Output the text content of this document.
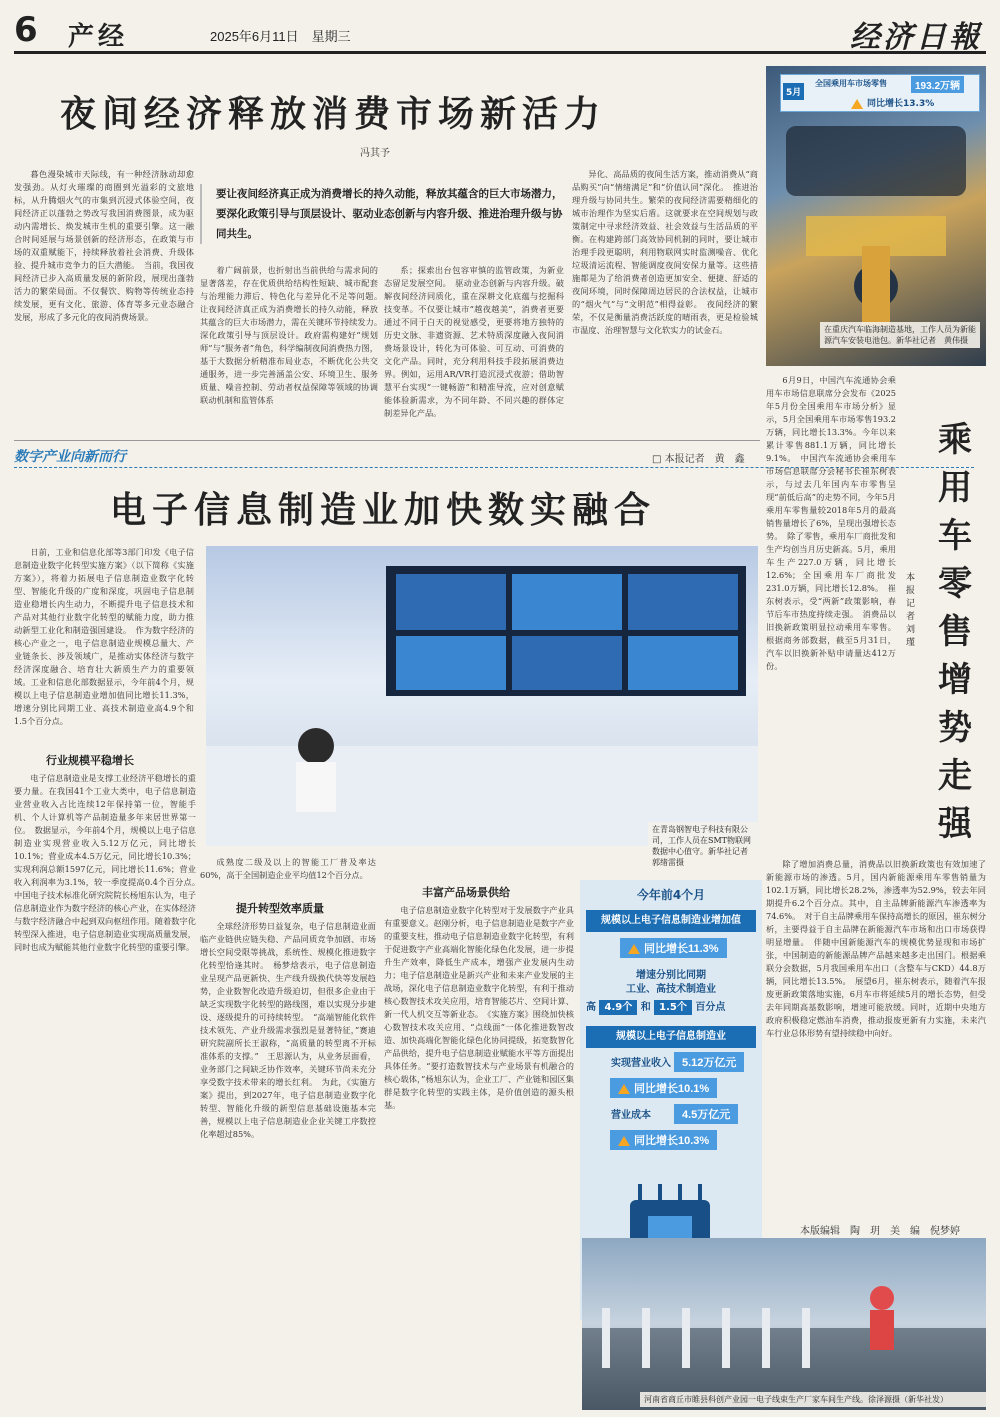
6 产经	2025年6月11日　星期三	经济日報
夜间经济释放消费市场新活力
冯其予

暮色漫染城市天际线，有一种经济脉动却愈发强劲。从灯火璀璨的商圈到光溢彩的文旅地标，从升腾烟火气的市集到沉浸式体验空间，夜间经济正以蓬勃之势改写我国消费图景，成为驱动内需增长、焕发城市生机的重要引擎。这一融合时间延展与场景创新的经济形态，在政策与市场的双重赋能下，持续释放着社会消费、升级体验、提升城市竞争力的巨大潜能。　当前，我国夜间经济已步入高质量发展的新阶段，展现出蓬勃活力的繁荣局面。不仅餐饮、购物等传统业态持续发展，更有文化、旅游、体育等多元业态融合发展，形成了多元化的夜间消费场景。

要让夜间经济真正成为消费增长的持久动能，释放其蕴含的巨大市场潜力，要深化政策引导与顶层设计、驱动业态创新与内容升级、推进治理升级与协同共生。

着广阔前景，也折射出当前供给与需求间的显著落差，存在优质供给结构性短缺、城市配套与治理能力滞后、特色化与差异化不足等问题。　让夜间经济真正成为消费增长的持久动能，释放其蕴含的巨大市场潜力，需在关键环节持续发力。　深化政策引导与顶层设计。政府需构建好“规划师”与“服务者”角色，科学编制夜间消费热力图，基于大数据分析精准布局业态，不断优化公共交通服务，进一步完善涵盖公安、环境卫生、服务质量、噪音控制、劳动者权益保障等领域的协调联动机制和监管体系

系；探索出台包容审慎的监管政策，为新业态留足发展空间。　驱动业态创新与内容升级。破解夜间经济同质化，重在深耕文化底蕴与挖掘科技变革。不仅要让城市“越夜越美”，消费者更要通过不同于白天的视觉感受，更要将地方独特的历史文脉、非遗资源、艺术特质深度融入夜间消费场景设计，转化为可体验、可互动、可消费的文化产品。同时，充分利用科技手段拓展消费边界。例如，运用AR/VR打造沉浸式夜游；借助智慧平台实现“一键畅游”和精准导流，应对创意赋能体验新需求，为不同年龄、不同兴趣的群体定制差异化产品。

异化、高品质的夜间生活方案，推动消费从“商品购买”向“情绪满足”和“价值认同”深化。　推进治理升级与协同共生。繁荣的夜间经济需要精细化的城市治理作为坚实后盾。这就要求在空间规划与政策制定中寻求经济效益、社会效益与生活品质的平衡。在构建跨部门高效协同机制的同时，要让城市治理手段更聪明，利用物联网实时监测噪音、优化垃圾清运流程、智能调度夜间安保力量等。这些措施都是为了给消费者创造更加安全、便捷、舒适的夜间环境，同时保障周边居民的合法权益，让城市的“烟火气”与“文明范”相得益彰。　夜间经济的繁荣，不仅是衡量消费活跃度的晴雨表，更是检验城市温度、治理智慧与文化软实力的试金石。

5月
全国乘用车市场零售	193.2万辆
同比增长13.3%
在重庆汽车临海制造基地，工作人员为新能源汽车安装电池包。新华社记者　黄伟摄
数字产业向新而行	□ 本报记者　黄　鑫
电子信息制造业加快数实融合

日前，工业和信息化部等3部门印发《电子信息制造业数字化转型实施方案》（以下简称《实施方案》），将着力拓展电子信息制造业数字化转型、智能化升级的广度和深度，巩固电子信息制造业稳增长内生动力，不断提升电子信息技术和产品对其他行业数字化转型的赋能力度，助力推动新型工业化和制造强国建设。　作为数字经济的核心产业之一，电子信息制造业规模总量大、产业链条长、涉及领域广，是推动实体经济与数字经济深度融合、培育壮大新质生产力的重要领域。工业和信息化部数据显示，今年前4个月，规模以上电子信息制造业增加值同比增长11.3%，增速分别比同期工业、高技术制造业高4.9个和1.5个百分点。

行业规模平稳增长

电子信息制造业是支撑工业经济平稳增长的重要力量。在我国41个工业大类中，电子信息制造业营业收入占比连续12年保持第一位，智能手机、个人计算机等产品制造量多年来居世界第一位。　数据显示，今年前4个月，规模以上电子信息制造业实现营业收入5.12万亿元，同比增长10.1%；营业成本4.5万亿元，同比增长10.3%；实现利润总额1597亿元，同比增长11.6%；营业收入利润率为3.1%，较一季度提高0.4个百分点。　中国电子技术标准化研究院院长杨旭东认为，电子信息制造业作为数字经济的核心产业，在实体经济与数字经济融合中起到双向枢纽作用。随着数字化转型深入推进，电子信息制造业实现高质量发展，同时也成为赋能其他行业数字化转型的重要引擎。

在青岛钢智电子科技有限公司，工作人员在SMT物联网数据中心值守。新华社记者　郭绪雷摄

成熟度二级及以上的智能工厂普及率达60%，高于全国制造企业平均值12个百分点。

提升转型效率质量

全球经济形势日益复杂，电子信息制造业面临产业链供应链失稳、产品同质竞争加剧、市场增长空间受限等挑战，系统性、规模化推进数字化转型恰逢其时。　杨梦焓表示，电子信息制造业呈现产品更新快、生产线升级换代快等发展趋势，企业数智化改造升级迫切，但很多企业由于缺乏实现数字化转型的路线图，难以实现分步建设、逐级提升的可持续转型。　“高端智能化软件技术领先、产业升级需求强烈是显著特征，”赛迪研究院副所长王淑称，“高质量的转型离不开标准体系的支撑。”　王思源认为，从业务层面看，业务部门之间缺乏协作效率，关键环节尚未充分享受数字技术带来的增长红利。　为此，《实施方案》提出，到2027年，电子信息制造业数字化转型、智能化升级的新型信息基础设施基本完善，规模以上电子信息制造业企业关键工序数控化率超过85%。

丰富产品场景供给

电子信息制造业数字化转型对于发展数字产业具有重要意义。赵刚分析，电子信息制造业是数字产业的重要支柱，推动电子信息制造业数字化转型，有利于促进数字产业高端化智能化绿色化发展，进一步提升生产效率，降低生产成本，增强产业发展内生动力；电子信息制造业是新兴产业和未来产业发展的主战场，深化电子信息制造业数字化转型，有利于推动核心数智技术攻关应用，培育智能芯片、空间计算、新一代人机交互等新业态。　《实施方案》围绕加快核心数智技术攻关应用、“点线面”一体化推进数智改造、加快高端化智能化绿色化协同提级，拓宽数智化产品供给，提升电子信息制造业赋能水平等方面提出具体任务。“要打造数智技术与产业场景有机融合的核心载体，”杨旭东认为，企业工厂、产业链和园区集群是数字化转型的实践主体，是价值创造的源头根基。

今年前4个月
规模以上电子信息制造业增加值
同比增长11.3%
增速分别比同期
工业、高技术制造业
高 4.9个 和 1.5个 百分点
规模以上电子信息制造业
实现营业收入	5.12万亿元
同比增长10.1%
营业成本	4.5万亿元
同比增长10.3%
乘用车零售增势走强
本报记者　刘　瑾

6月9日，中国汽车流通协会乘用车市场信息联席分会发布《2025年5月份全国乘用车市场分析》显示，5月全国乘用车市场零售193.2万辆，同比增长13.3%。今年以来累计零售881.1万辆，同比增长9.1%。　中国汽车流通协会乘用车市场信息联席分会秘书长崔东树表示，与过去几年国内车市零售呈现“前低后高”的走势不同，今年5月乘用车零售量较2018年5月的最高销售量增长了6%，呈现出强增长态势。　除了零售，乘用车厂商批发和生产均创当月历史新高。5月，乘用车生产227.0万辆，同比增长12.6%；全国乘用车厂商批发231.0万辆，同比增长12.8%。　崔东树表示，受“两新”政策影响，春节后车市热度持续走强。　消费品以旧换新政策明显拉动乘用车零售。根据商务部数据，截至5月31日，汽车以旧换新补贴申请量达412万份。

除了增加消费总量，消费品以旧换新政策也有效加速了新能源市场的渗透。5月，国内新能源乘用车零售销量为102.1万辆，同比增长28.2%，渗透率为52.9%，较去年同期提升6.2个百分点。其中，自主品牌新能源汽车渗透率为74.6%。　对于自主品牌乘用车保持高增长的原因，崔东树分析，主要得益于自主品牌在新能源汽车市场和出口市场获得明显增量。　伴随中国新能源汽车的规模优势显现和市场扩张，中国制造的新能源品牌产品越来越多走出国门。根据乘联分会数据，5月我国乘用车出口（含整车与CKD）44.8万辆，同比增长13.5%。　展望6月，崔东树表示，随着汽车报废更新政策落地实施，6月车市将延续5月的增长态势，但受去年同期高基数影响，增速可能放缓。同时，近期中央地方政府积极稳定燃油车消费，推动报废更新有力实施，未来汽车行业总体形势有望持续稳中向好。

本版编辑　陶　玥　美　编　倪梦婷
河南省商丘市睢县科创产业园一电子线束生产厂家车间生产线。徐泽源摄（新华社发）
